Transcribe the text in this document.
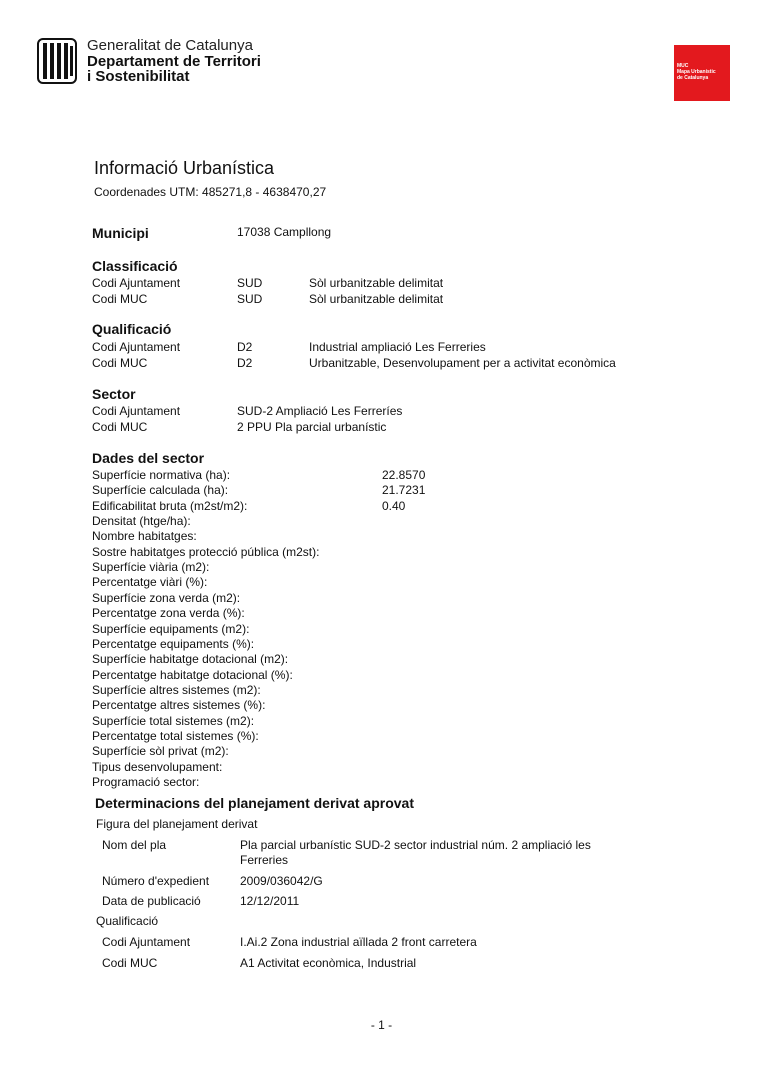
Generalitat de Catalunya
Departament de Territori
i Sostenibilitat
MUC
Mapa Urbanístic
de Catalunya
Informació Urbanística
Coordenades UTM: 485271,8 - 4638470,27
Municipi	17038 Campllong
Classificació
Codi Ajuntament	SUD	Sòl urbanitzable delimitat
Codi MUC	SUD	Sòl urbanitzable delimitat
Qualificació
Codi Ajuntament	D2	Industrial ampliació Les Ferreries
Codi MUC	D2	Urbanitzable, Desenvolupament per a activitat econòmica
Sector
Codi Ajuntament	SUD-2 Ampliació Les Ferreríes
Codi MUC	2 PPU Pla parcial urbanístic
Dades del sector
Superfície normativa (ha):	22.8570
Superfície calculada (ha):	21.7231
Edificabilitat bruta (m2st/m2):	0.40
Densitat (htge/ha):
Nombre habitatges:
Sostre habitatges protecció pública (m2st):
Superfície viària (m2):
Percentatge viàri (%):
Superfície zona verda (m2):
Percentatge zona verda (%):
Superfície equipaments (m2):
Percentatge equipaments (%):
Superfície habitatge dotacional (m2):
Percentatge habitatge dotacional (%):
Superfície altres sistemes (m2):
Percentatge altres sistemes (%):
Superfície total sistemes (m2):
Percentatge total sistemes (%):
Superfície sòl privat (m2):
Tipus desenvolupament:
Programació sector:
Determinacions del planejament derivat aprovat
Figura del planejament derivat
Nom del pla	Pla parcial urbanístic SUD-2 sector industrial núm. 2 ampliació les Ferreries
Número d'expedient	2009/036042/G
Data de publicació	12/12/2011
Qualificació
Codi Ajuntament	I.Ai.2 Zona industrial aïllada 2 front carretera
Codi MUC	A1 Activitat econòmica, Industrial
- 1 -
